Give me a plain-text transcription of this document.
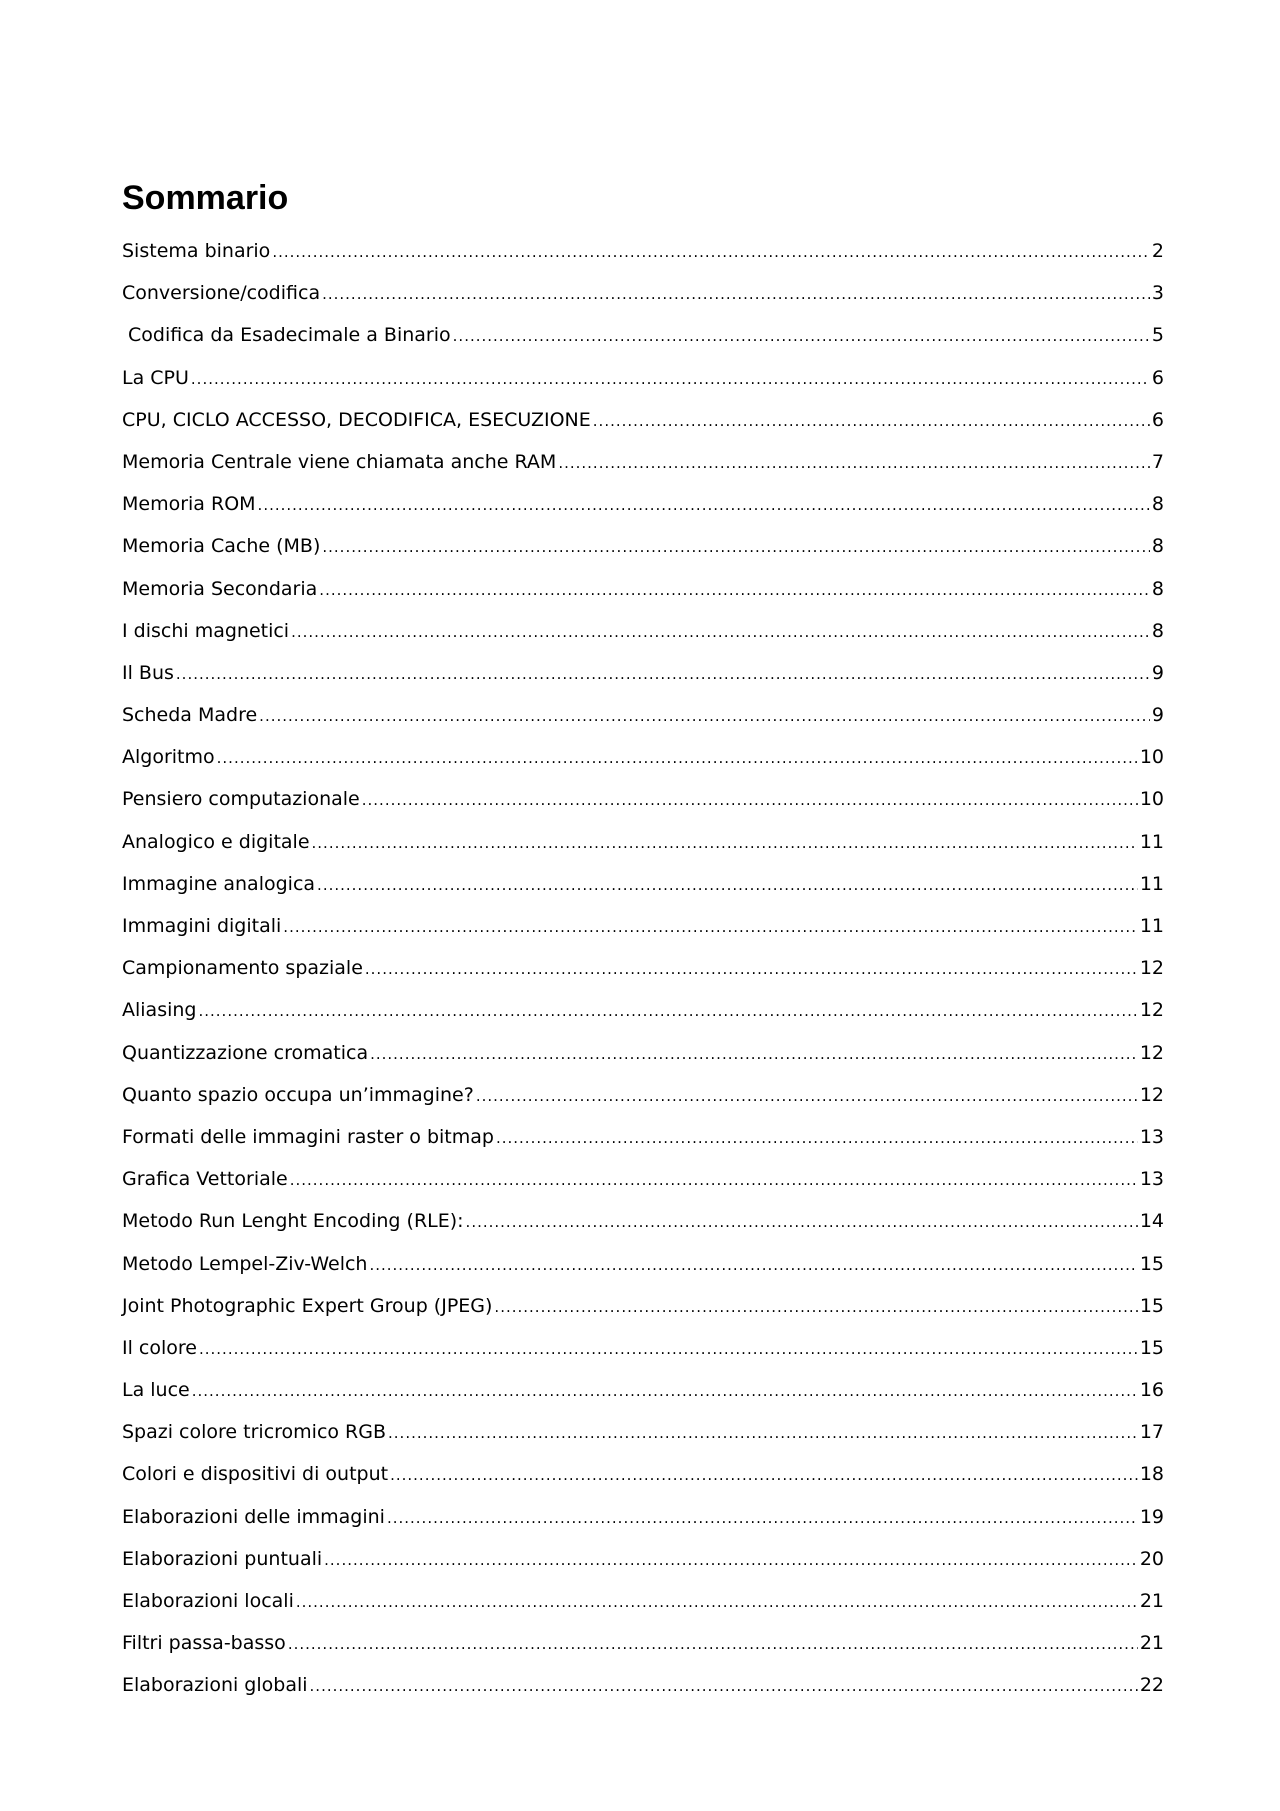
Sommario
Sistema binario .....	2
Conversione/codifica .....	3
Codifica da Esadecimale a Binario .....	5
La CPU .....	6
CPU, CICLO ACCESSO, DECODIFICA, ESECUZIONE .....	6
Memoria Centrale viene chiamata anche RAM .....	7
Memoria ROM .....	8
Memoria Cache (MB) .....	8
Memoria Secondaria .....	8
I dischi magnetici .....	8
Il Bus .....	9
Scheda Madre .....	9
Algoritmo .....	10
Pensiero computazionale .....	10
Analogico e digitale .....	11
Immagine analogica .....	11
Immagini digitali .....	11
Campionamento spaziale .....	12
Aliasing .....	12
Quantizzazione cromatica .....	12
Quanto spazio occupa un’immagine? .....	12
Formati delle immagini raster o bitmap .....	13
Grafica Vettoriale .....	13
Metodo Run Lenght Encoding (RLE): .....	14
Metodo Lempel-Ziv-Welch .....	15
Joint Photographic Expert Group (JPEG) .....	15
Il colore .....	15
La luce .....	16
Spazi colore tricromico RGB .....	17
Colori e dispositivi di output .....	18
Elaborazioni delle immagini .....	19
Elaborazioni puntuali .....	20
Elaborazioni locali .....	21
Filtri passa-basso .....	21
Elaborazioni globali .....	22
